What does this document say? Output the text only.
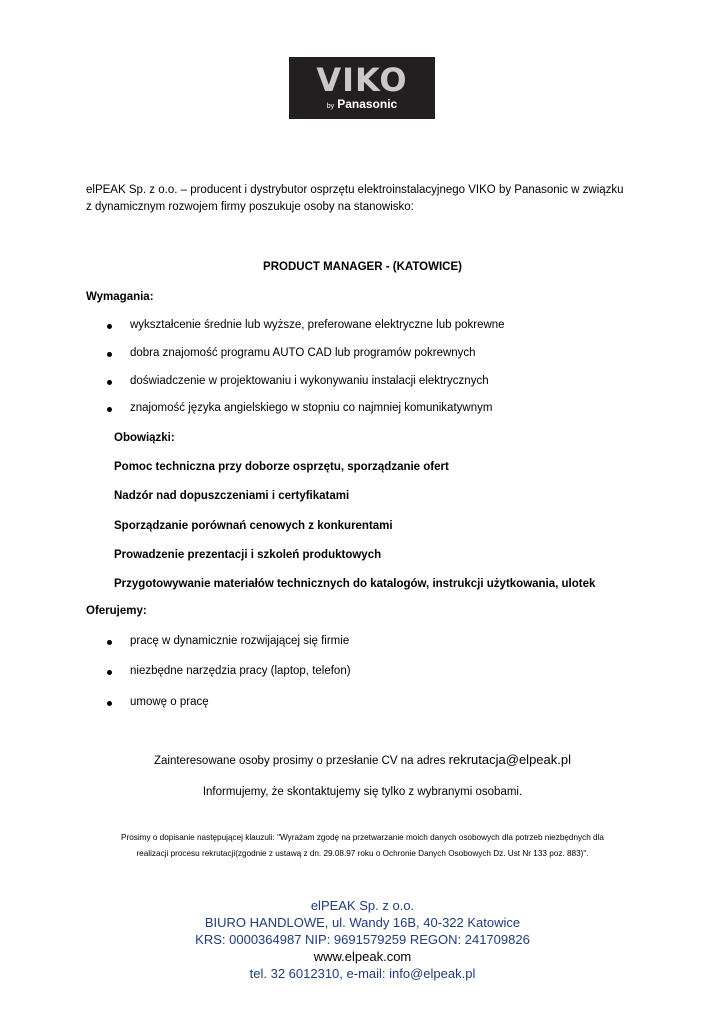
VIKO
by Panasonic
elPEAK Sp. z o.o. – producent i dystrybutor osprzętu elektroinstalacyjnego VIKO by Panasonic w związku
z dynamicznym rozwojem firmy poszukuje osoby na stanowisko:
PRODUCT MANAGER - (KATOWICE)
Wymagania:
wykształcenie średnie lub wyższe, preferowane elektryczne lub pokrewne
dobra znajomość programu AUTO CAD lub programów pokrewnych
doświadczenie w projektowaniu i wykonywaniu instalacji elektrycznych
znajomość języka angielskiego w stopniu co najmniej komunikatywnym
Obowiązki:
Pomoc techniczna przy doborze osprzętu, sporządzanie ofert
Nadzór nad dopuszczeniami i certyfikatami
Sporządzanie porównań cenowych z konkurentami
Prowadzenie prezentacji i szkoleń produktowych
Przygotowywanie materiałów technicznych do katalogów, instrukcji użytkowania, ulotek
Oferujemy:
pracę w dynamicznie rozwijającej się firmie
niezbędne narzędzia pracy (laptop, telefon)
umowę o pracę
Zainteresowane osoby prosimy o przesłanie CV na adres rekrutacja@elpeak.pl
Informujemy, że skontaktujemy się tylko z wybranymi osobami.
Prosimy o dopisanie następującej klauzuli: "Wyrażam zgodę na przetwarzanie moich danych osobowych dla potrzeb niezbędnych dla
realizacji procesu rekrutacji(zgodnie z ustawą z dn. 29.08.97 roku o Ochronie Danych Osobowych Dz. Ust Nr 133 poz. 883)".
elPEAK Sp. z o.o.
BIURO HANDLOWE, ul. Wandy 16B, 40-322 Katowice
KRS: 0000364987 NIP: 9691579259 REGON: 241709826
www.elpeak.com
tel. 32 6012310, e-mail: info@elpeak.pl
